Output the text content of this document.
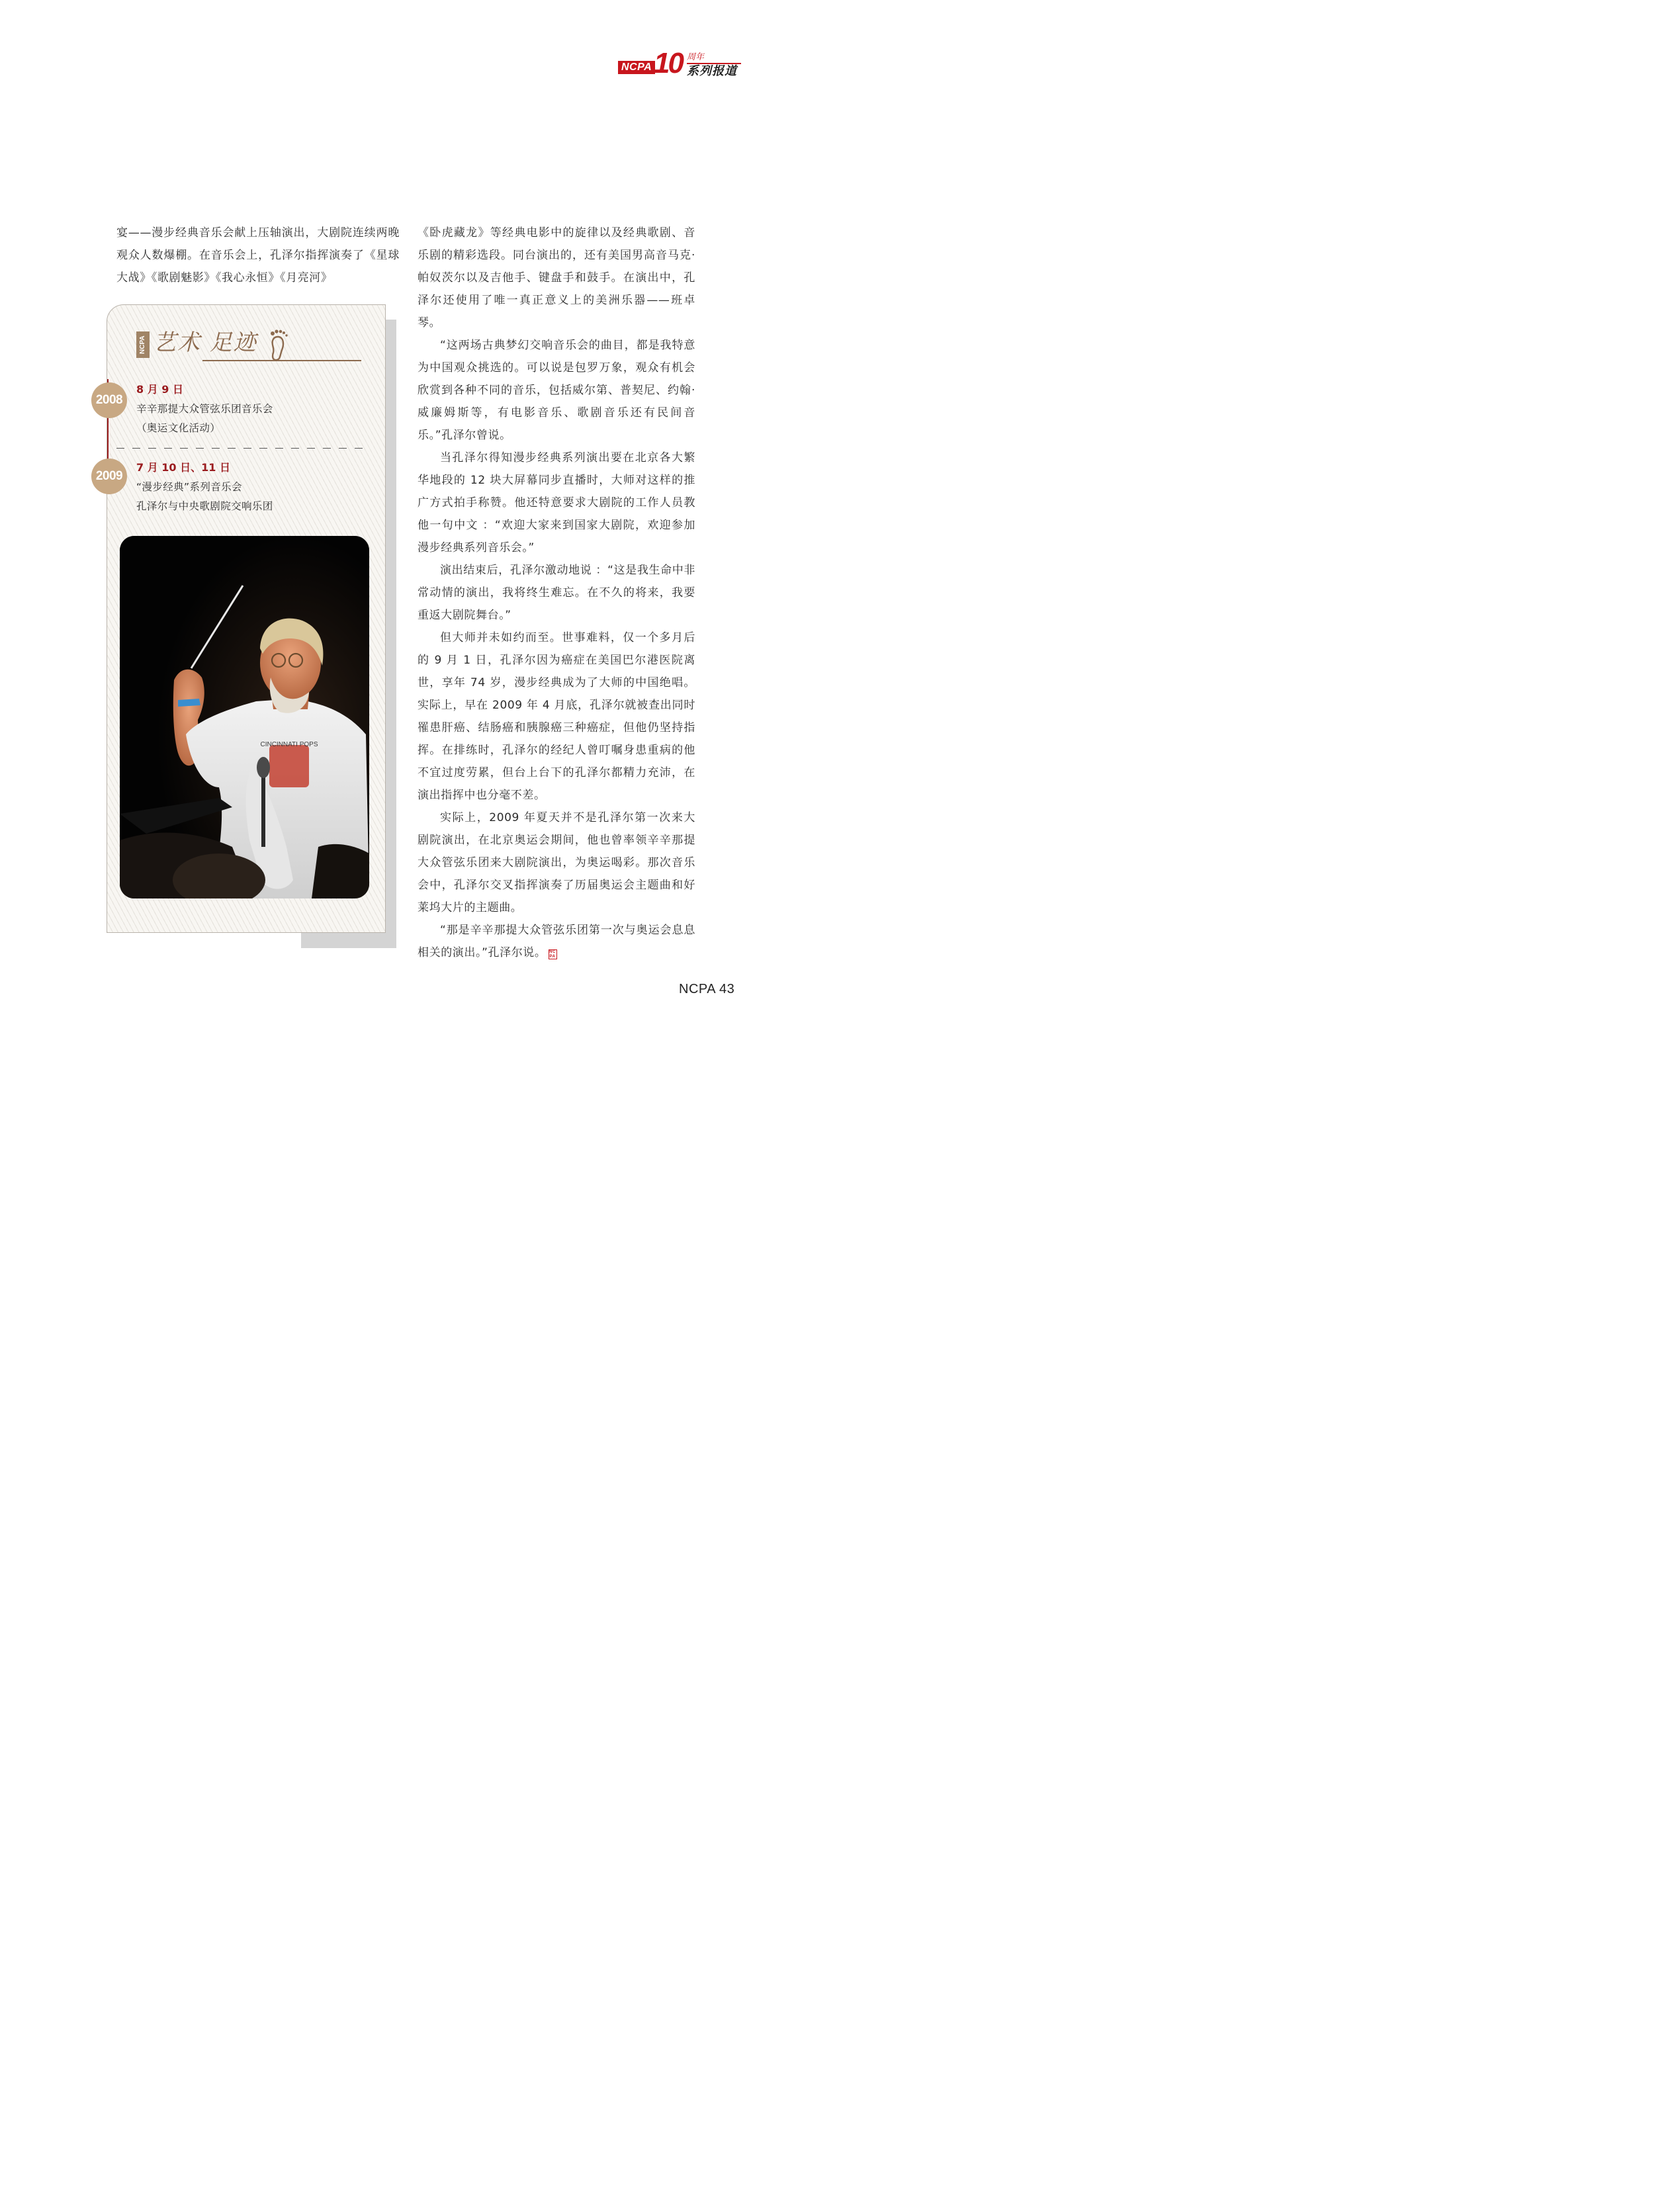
NCPA 10 周年
系列报道

宴——漫步经典音乐会献上压轴演出，大剧院连续两晚观众人数爆棚。在音乐会上，孔泽尔指挥演奏了《星球大战》《歌剧魅影》《我心永恒》《月亮河》

《卧虎藏龙》等经典电影中的旋律以及经典歌剧、音乐剧的精彩选段。同台演出的，还有美国男高音马克·帕奴茨尔以及吉他手、键盘手和鼓手。在演出中，孔泽尔还使用了唯一真正意义上的美洲乐器——班卓琴。

“这两场古典梦幻交响音乐会的曲目，都是我特意为中国观众挑选的。可以说是包罗万象，观众有机会欣赏到各种不同的音乐，包括威尔第、普契尼、约翰·威廉姆斯等，有电影音乐、歌剧音乐还有民间音乐。”孔泽尔曾说。

当孔泽尔得知漫步经典系列演出要在北京各大繁华地段的 12 块大屏幕同步直播时，大师对这样的推广方式拍手称赞。他还特意要求大剧院的工作人员教他一句中文 ：“欢迎大家来到国家大剧院，欢迎参加漫步经典系列音乐会。”

演出结束后，孔泽尔激动地说 ：“这是我生命中非常动情的演出，我将终生难忘。在不久的将来，我要重返大剧院舞台。”

但大师并未如约而至。世事难料，仅一个多月后的 9 月 1 日，孔泽尔因为癌症在美国巴尔港医院离世，享年 74 岁，漫步经典成为了大师的中国绝唱。实际上，早在 2009 年 4 月底，孔泽尔就被查出同时罹患肝癌、结肠癌和胰腺癌三种癌症，但他仍坚持指挥。在排练时，孔泽尔的经纪人曾叮嘱身患重病的他不宜过度劳累，但台上台下的孔泽尔都精力充沛，在演出指挥中也分毫不差。

实际上，2009 年夏天并不是孔泽尔第一次来大剧院演出，在北京奥运会期间，他也曾率领辛辛那提大众管弦乐团来大剧院演出，为奥运喝彩。那次音乐会中，孔泽尔交叉指挥演奏了历届奥运会主题曲和好莱坞大片的主题曲。

“那是辛辛那提大众管弦乐团第一次与奥运会息息相关的演出。”孔泽尔说。 NC PA

NCPA 艺术 足迹
2008
8 月 9 日
辛辛那提大众管弦乐团音乐会
（奥运文化活动）
2009
7 月 10 日、11 日
“漫步经典”系列音乐会
孔泽尔与中央歌剧院交响乐团
CINCINNATI POPS
NCPA 43
